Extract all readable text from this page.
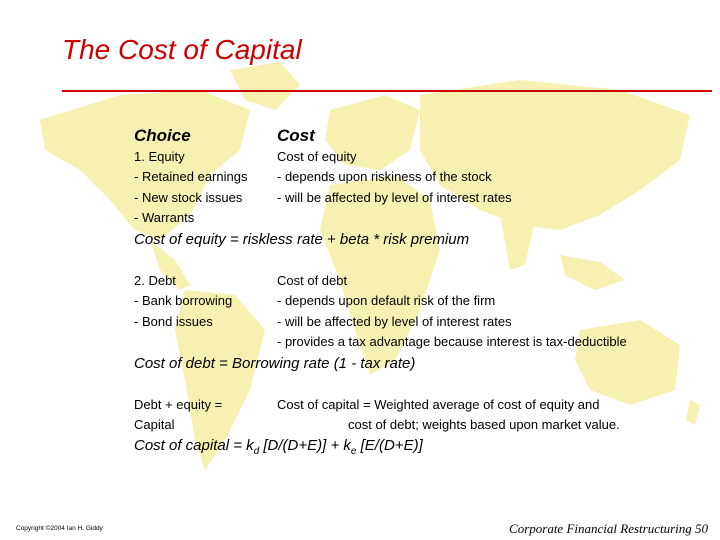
The Cost of Capital
Choice	Cost
1. Equity
- Retained earnings
- New stock issues
- Warrants
Cost of equity
- depends upon riskiness of the stock
- will be affected by level of interest rates
Cost of equity = riskless rate + beta * risk premium
2. Debt
- Bank borrowing
- Bond issues
Cost of debt
- depends upon default risk of the firm
- will be affected by level of interest rates
- provides a tax advantage because interest is tax-deductible
Cost of debt = Borrowing rate (1 - tax rate)
Debt + equity =
Capital
Cost of capital = Weighted average of cost of equity and
cost of debt; weights based upon market value.
Cost of capital = $k_d$ $[D/(D+E)] + k_e$ [E/(D+E)]
Copyright ©2004 Ian H. Giddy	Corporate Financial Restructuring 50
